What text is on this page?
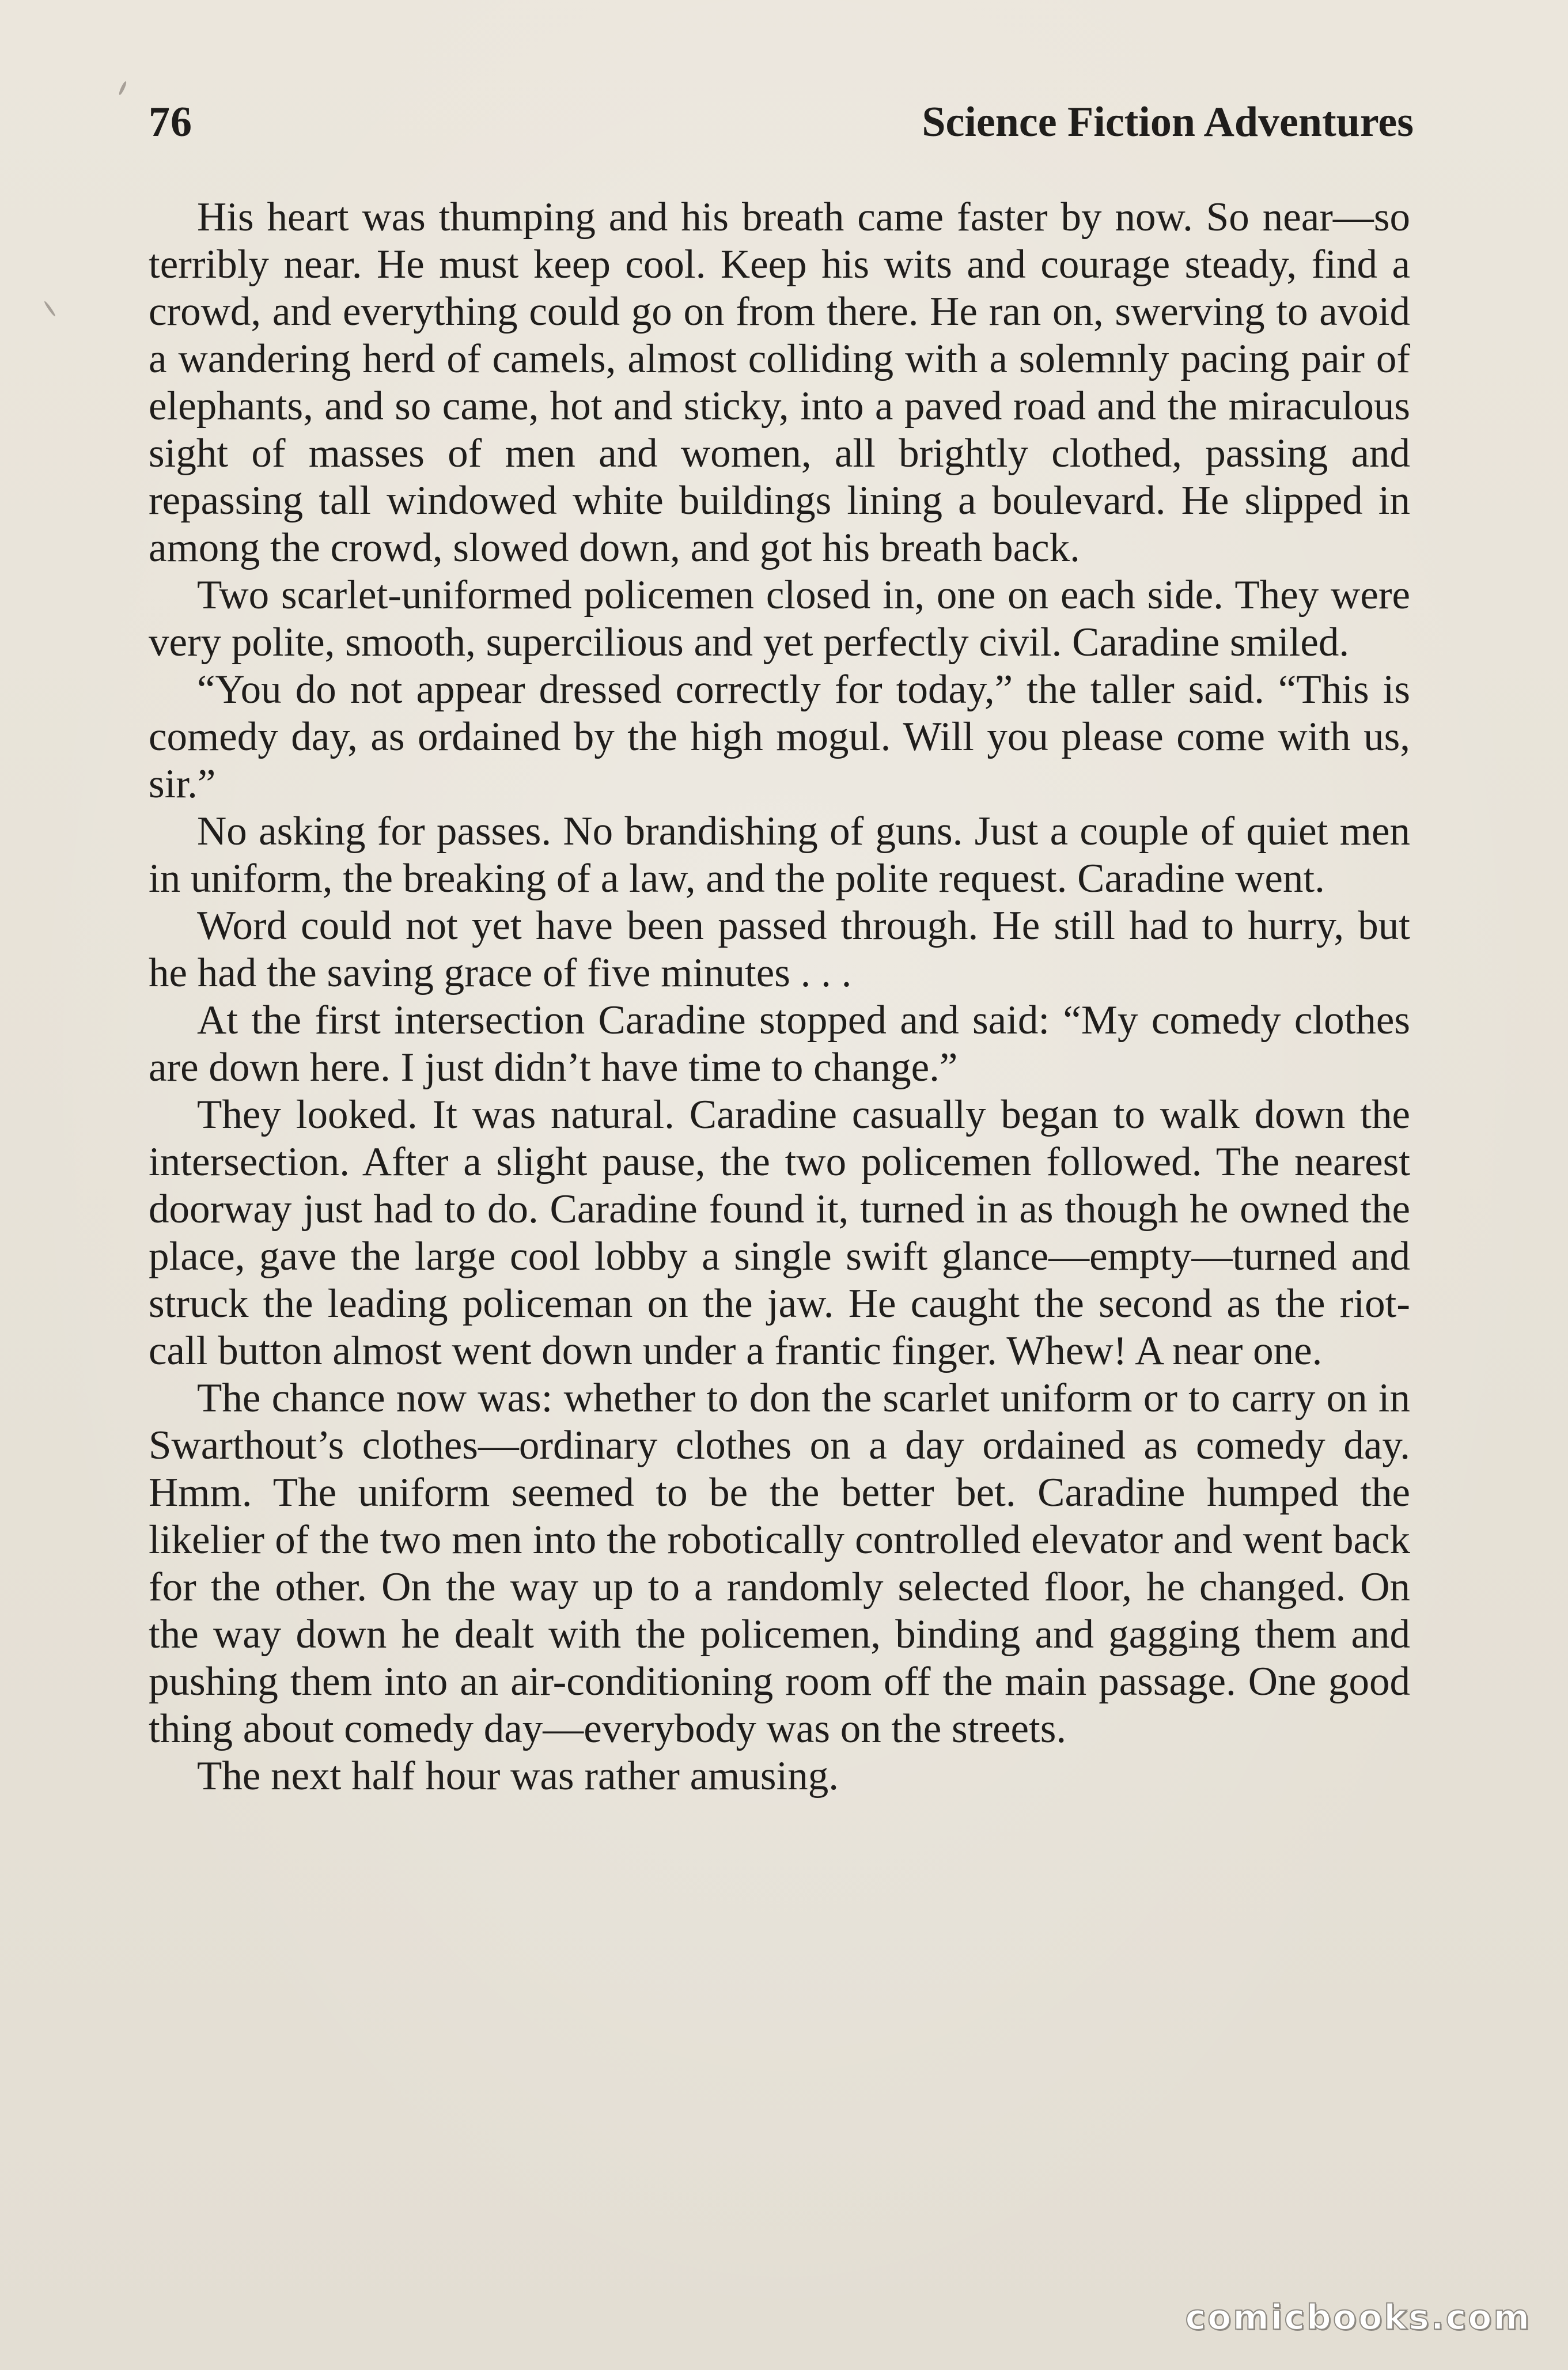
76	Science Fiction Adventures

His heart was thumping and his breath came faster by now. So near—so terribly near. He must keep cool. Keep his wits and courage steady, find a crowd, and everything could go on from there. He ran on, swerving to avoid a wandering herd of camels, almost colliding with a solemnly pacing pair of elephants, and so came, hot and sticky, into a paved road and the miraculous sight of masses of men and women, all brightly clothed, passing and repassing tall windowed white buildings lining a boulevard. He slipped in among the crowd, slowed down, and got his breath back.

Two scarlet-uniformed policemen closed in, one on each side. They were very polite, smooth, supercilious and yet perfectly civil. Caradine smiled.

“You do not appear dressed correctly for today,” the taller said. “This is comedy day, as ordained by the high mogul. Will you please come with us, sir.”

No asking for passes. No brandishing of guns. Just a couple of quiet men in uniform, the breaking of a law, and the polite request. Caradine went.

Word could not yet have been passed through. He still had to hurry, but he had the saving grace of five minutes . . .

At the first intersection Caradine stopped and said: “My comedy clothes are down here. I just didn’t have time to change.”

They looked. It was natural. Caradine casually began to walk down the intersection. After a slight pause, the two policemen followed. The nearest doorway just had to do. Caradine found it, turned in as though he owned the place, gave the large cool lobby a single swift glance—empty—turned and struck the leading policeman on the jaw. He caught the second as the riot-call button almost went down under a frantic finger. Whew! A near one.

The chance now was: whether to don the scarlet uniform or to carry on in Swarthout’s clothes—ordinary clothes on a day ordained as comedy day. Hmm. The uniform seemed to be the better bet. Caradine humped the likelier of the two men into the robotically controlled elevator and went back for the other. On the way up to a randomly selected floor, he changed. On the way down he dealt with the policemen, binding and gagging them and pushing them into an air-conditioning room off the main passage. One good thing about comedy day—everybody was on the streets.

The next half hour was rather amusing.

comicbooks.com
